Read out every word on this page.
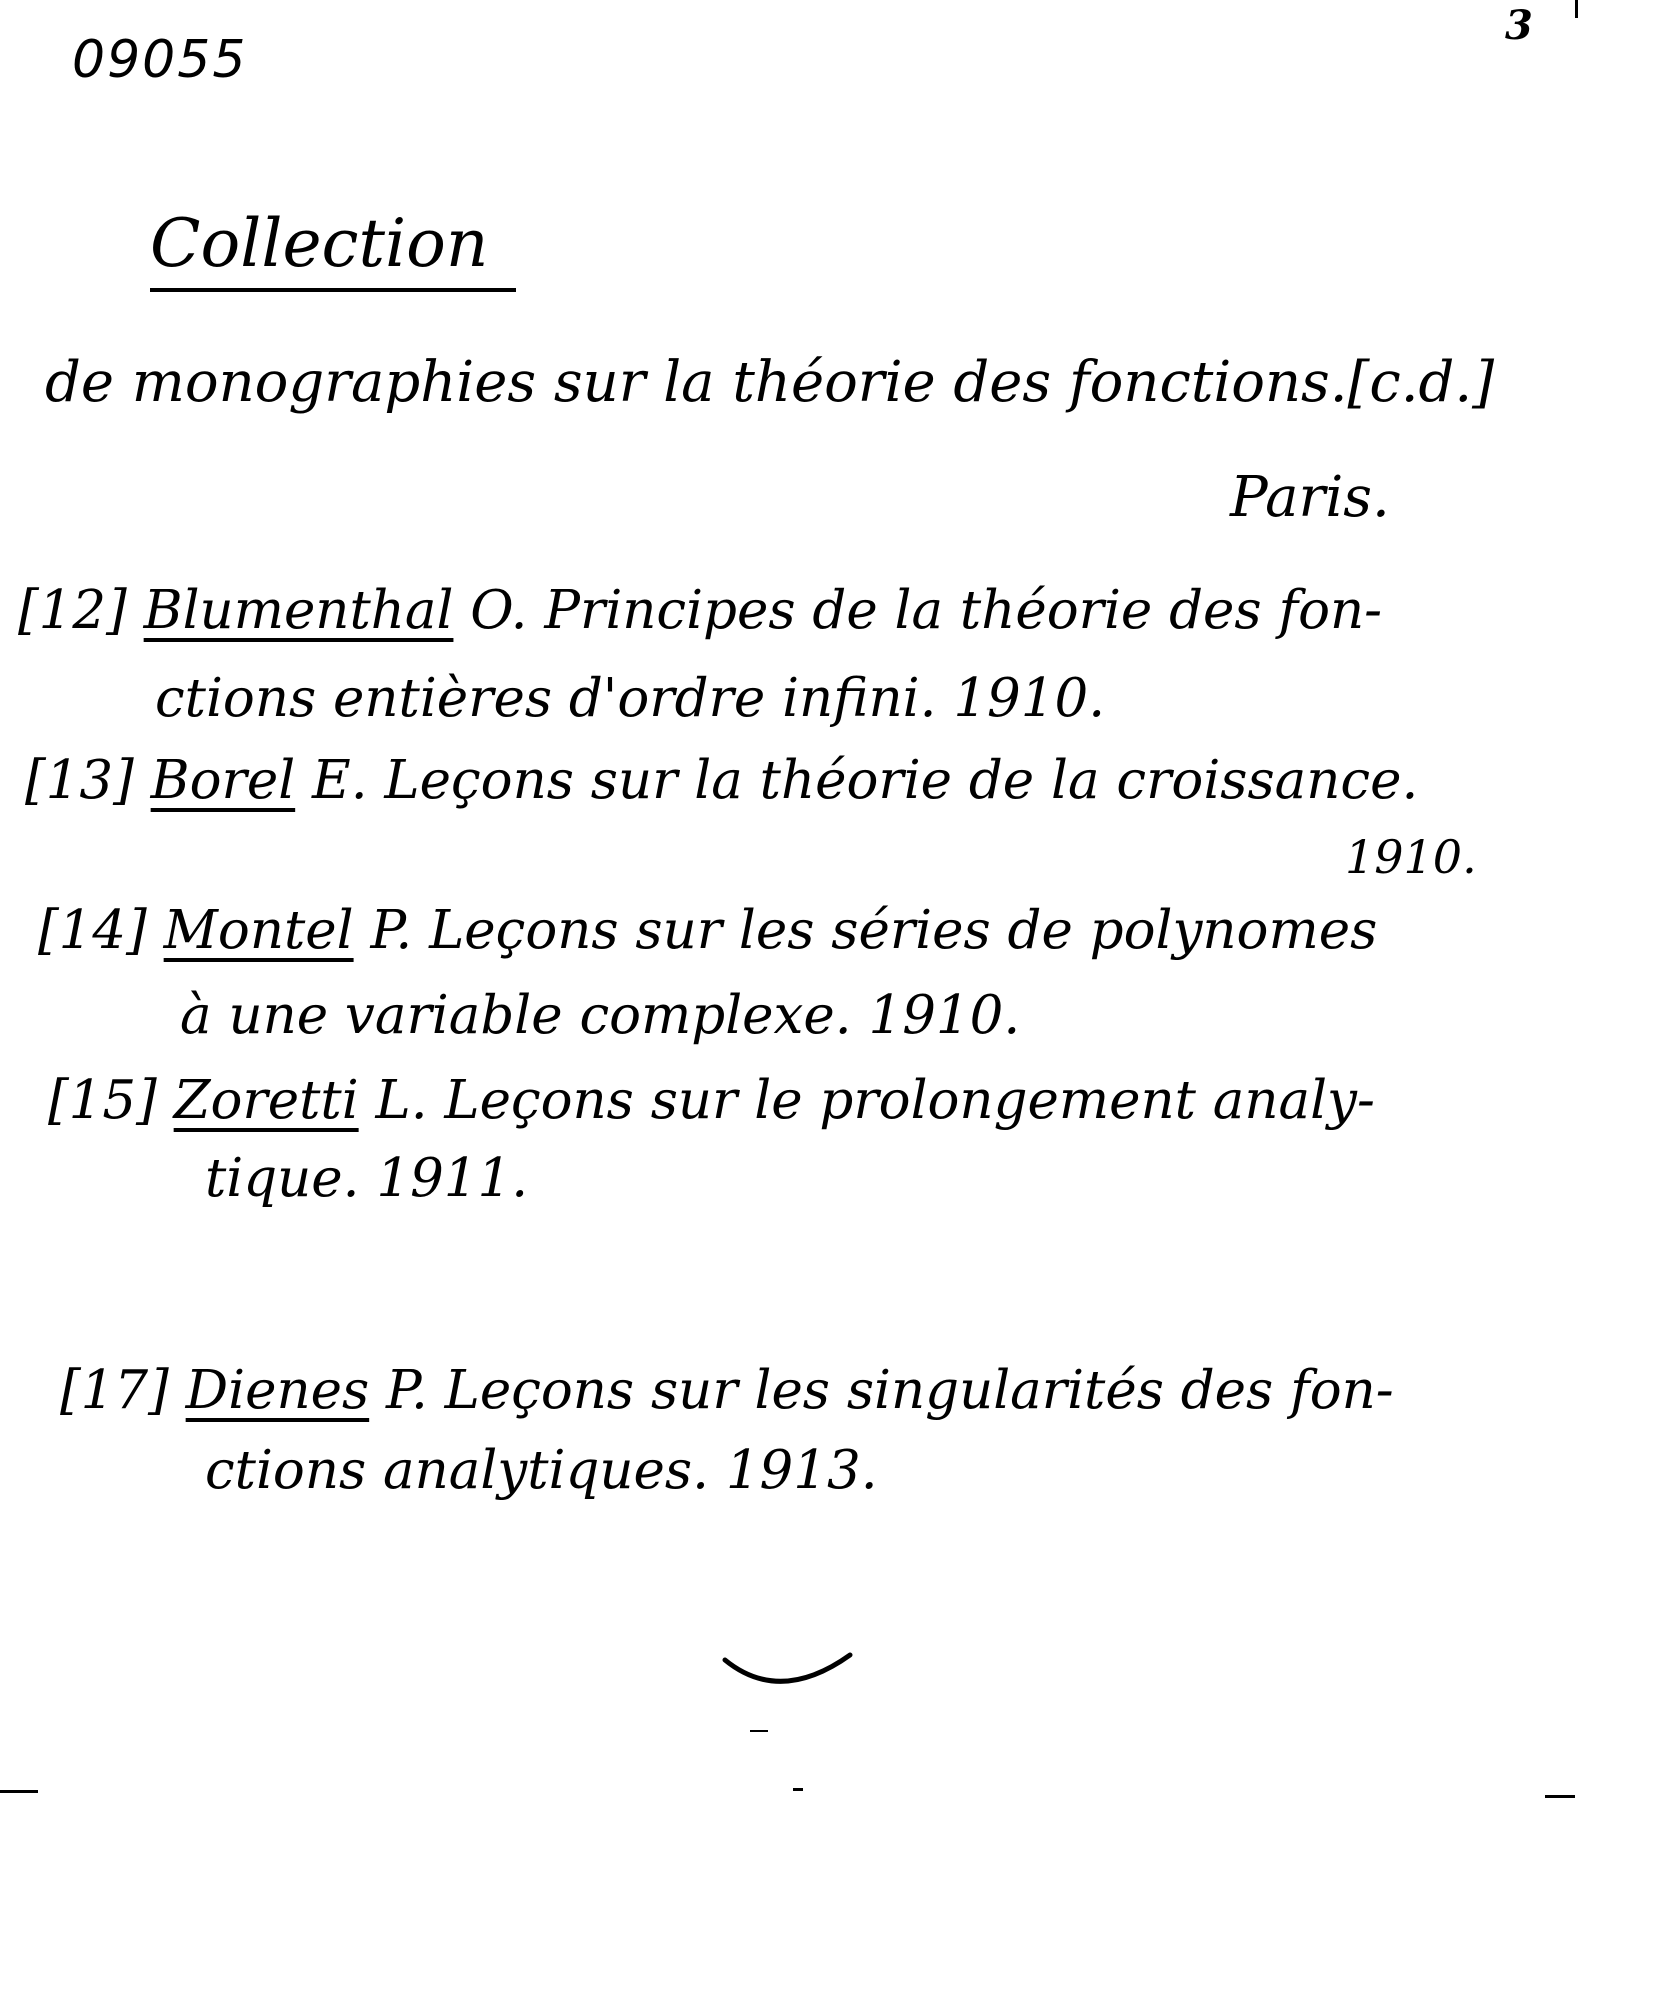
09055
3
Collection
de monographies sur la théorie des fonctions.[c.d.]
Paris.
[12] Blumenthal O. Principes de la théorie des fon-
ctions entières d'ordre infini. 1910.
[13] Borel E. Leçons sur la théorie de la croissance.
1910.
[14] Montel P. Leçons sur les séries de polynomes
à une variable complexe. 1910.
[15] Zoretti L. Leçons sur le prolongement analy-
tique. 1911.
[17] Dienes P. Leçons sur les singularités des fon-
ctions analytiques. 1913.
